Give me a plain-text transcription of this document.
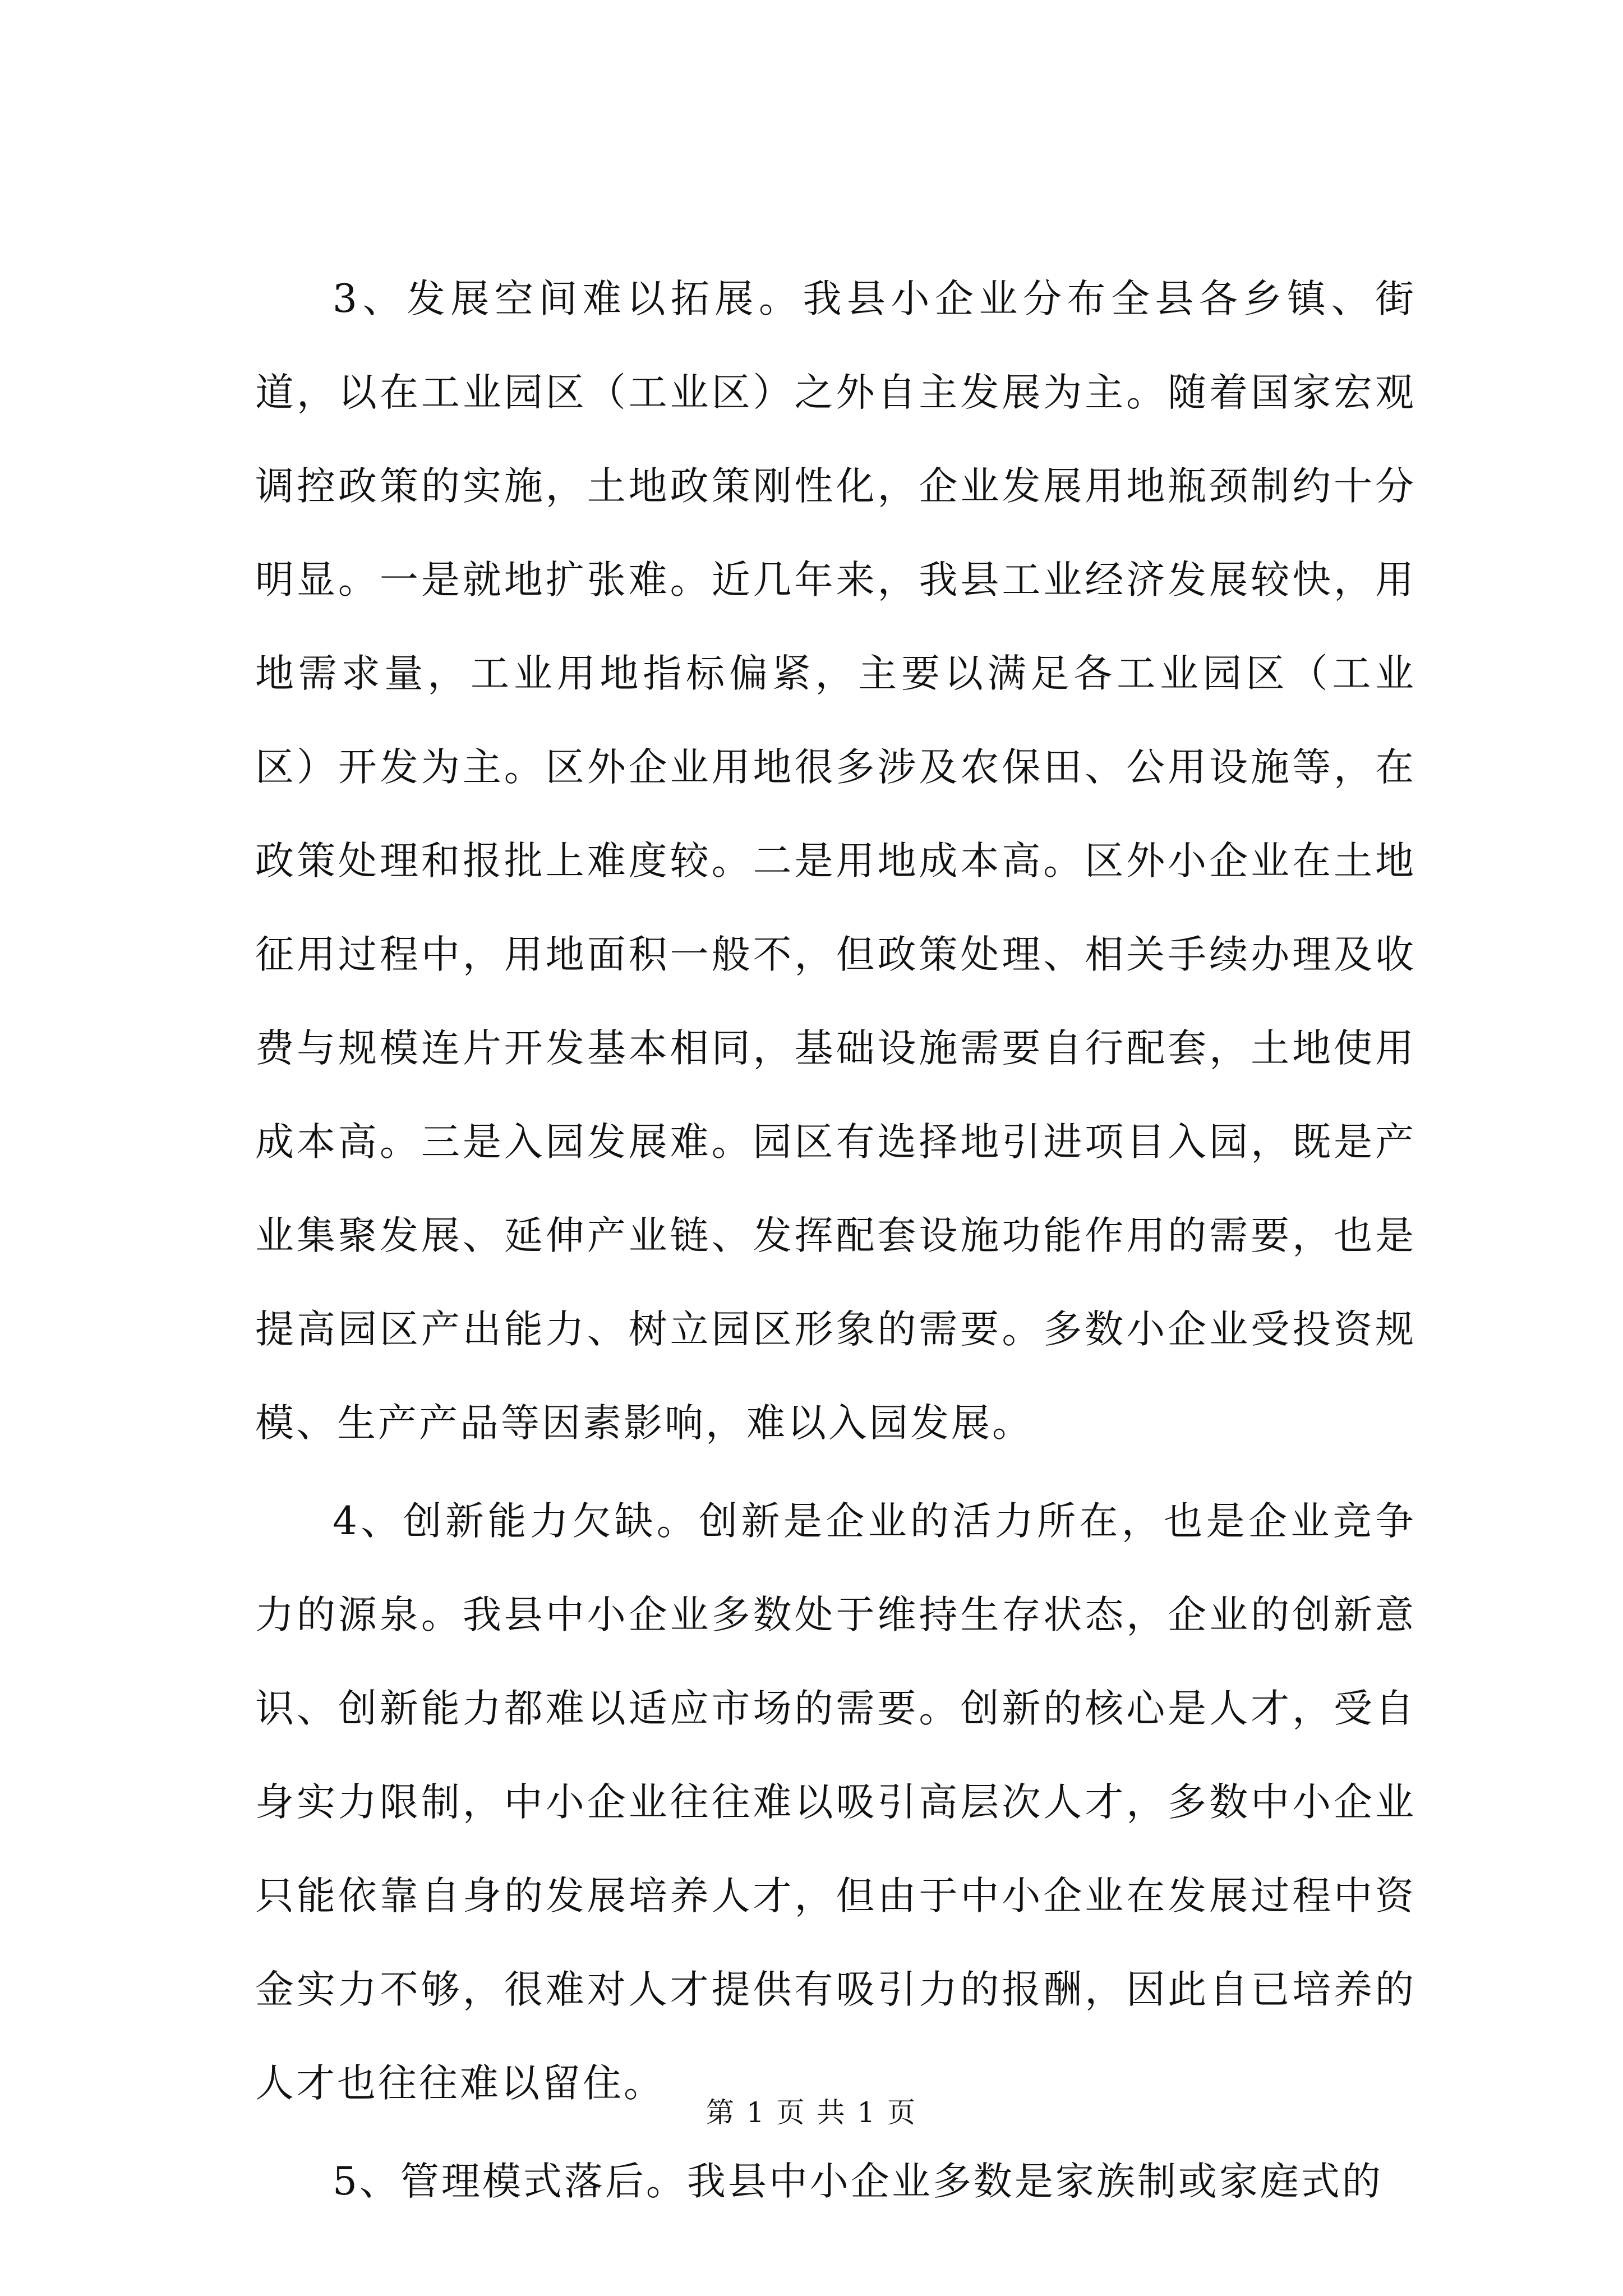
3、发展空间难以拓展。我县小企业分布全县各乡镇、街道，以在工业园区（工业区）之外自主发展为主。随着国家宏观调控政策的实施，土地政策刚性化，企业发展用地瓶颈制约十分明显。一是就地扩张难。近几年来，我县工业经济发展较快，用地需求量，工业用地指标偏紧，主要以满足各工业园区（工业区）开发为主。区外企业用地很多涉及农保田、公用设施等，在政策处理和报批上难度较。二是用地成本高。区外小企业在土地征用过程中，用地面积一般不，但政策处理、相关手续办理及收费与规模连片开发基本相同，基础设施需要自行配套，土地使用成本高。三是入园发展难。园区有选择地引进项目入园，既是产业集聚发展、延伸产业链、发挥配套设施功能作用的需要，也是提高园区产出能力、树立园区形象的需要。多数小企业受投资规模、生产产品等因素影响，难以入园发展。

4、创新能力欠缺。创新是企业的活力所在，也是企业竞争力的源泉。我县中小企业多数处于维持生存状态，企业的创新意识、创新能力都难以适应市场的需要。创新的核心是人才，受自身实力限制，中小企业往往难以吸引高层次人才，多数中小企业只能依靠自身的发展培养人才，但由于中小企业在发展过程中资金实力不够，很难对人才提供有吸引力的报酬，因此自已培养的人才也往往难以留住。

5、管理模式落后。我县中小企业多数是家族制或家庭式的

第 1 页 共 1 页
